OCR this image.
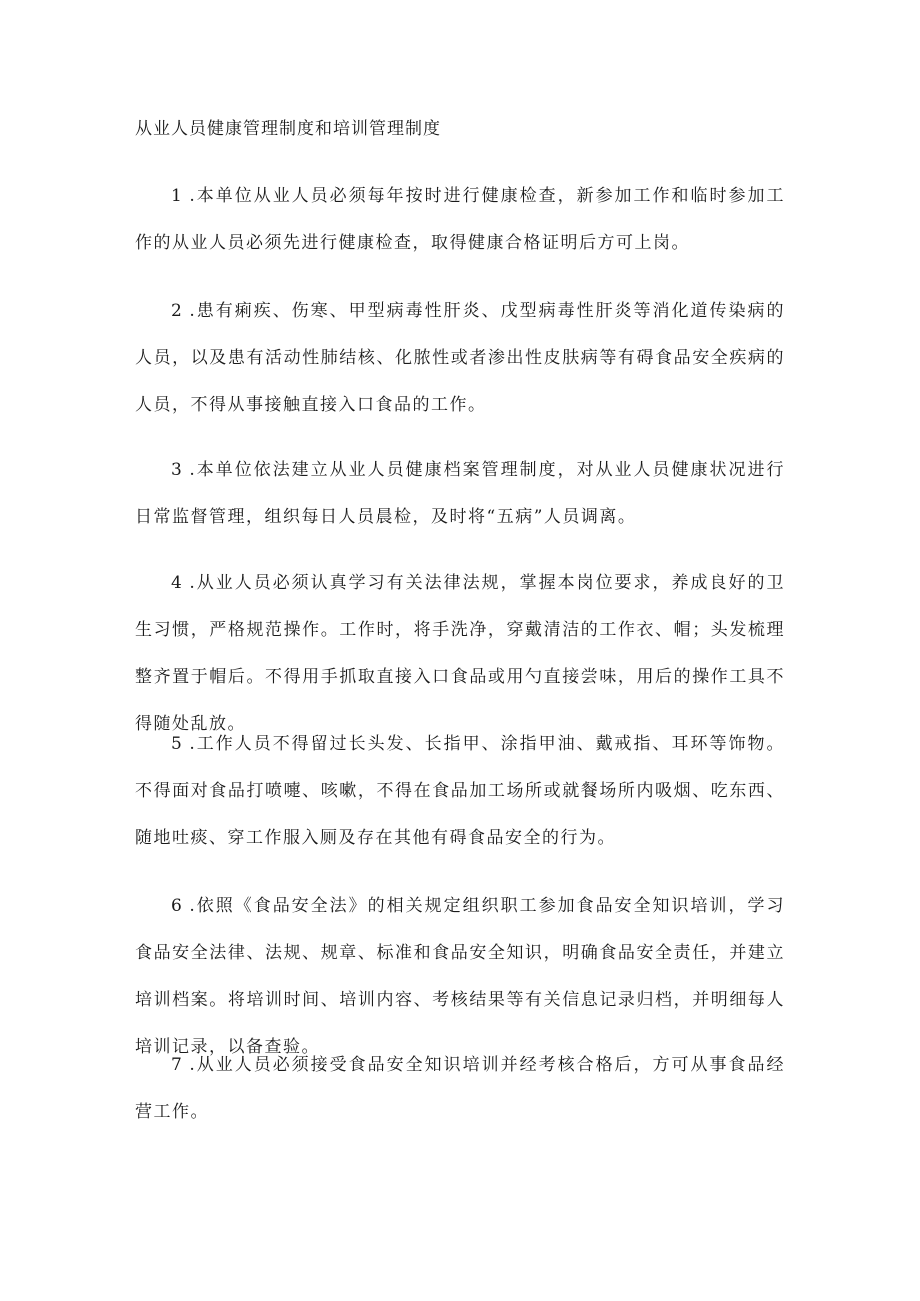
从业人员健康管理制度和培训管理制度

1 .本单位从业人员必须每年按时进行健康检查，新参加工作和临时参加工作的从业人员必须先进行健康检查，取得健康合格证明后方可上岗。

2 .患有痢疾、伤寒、甲型病毒性肝炎、戊型病毒性肝炎等消化道传染病的人员，以及患有活动性肺结核、化脓性或者渗出性皮肤病等有碍食品安全疾病的人员，不得从事接触直接入口食品的工作。

3 .本单位依法建立从业人员健康档案管理制度，对从业人员健康状况进行日常监督管理，组织每日人员晨检，及时将“五病”人员调离。

4 .从业人员必须认真学习有关法律法规，掌握本岗位要求，养成良好的卫生习惯，严格规范操作。工作时，将手洗净，穿戴清洁的工作衣、帽；头发梳理整齐置于帽后。不得用手抓取直接入口食品或用勺直接尝味，用后的操作工具不得随处乱放。

5 .工作人员不得留过长头发、长指甲、涂指甲油、戴戒指、耳环等饰物。不得面对食品打喷嚏、咳嗽，不得在食品加工场所或就餐场所内吸烟、吃东西、随地吐痰、穿工作服入厕及存在其他有碍食品安全的行为。

6 .依照《食品安全法》的相关规定组织职工参加食品安全知识培训，学习食品安全法律、法规、规章、标准和食品安全知识，明确食品安全责任，并建立培训档案。将培训时间、培训内容、考核结果等有关信息记录归档，并明细每人培训记录，以备查验。

7 .从业人员必须接受食品安全知识培训并经考核合格后，方可从事食品经营工作。
